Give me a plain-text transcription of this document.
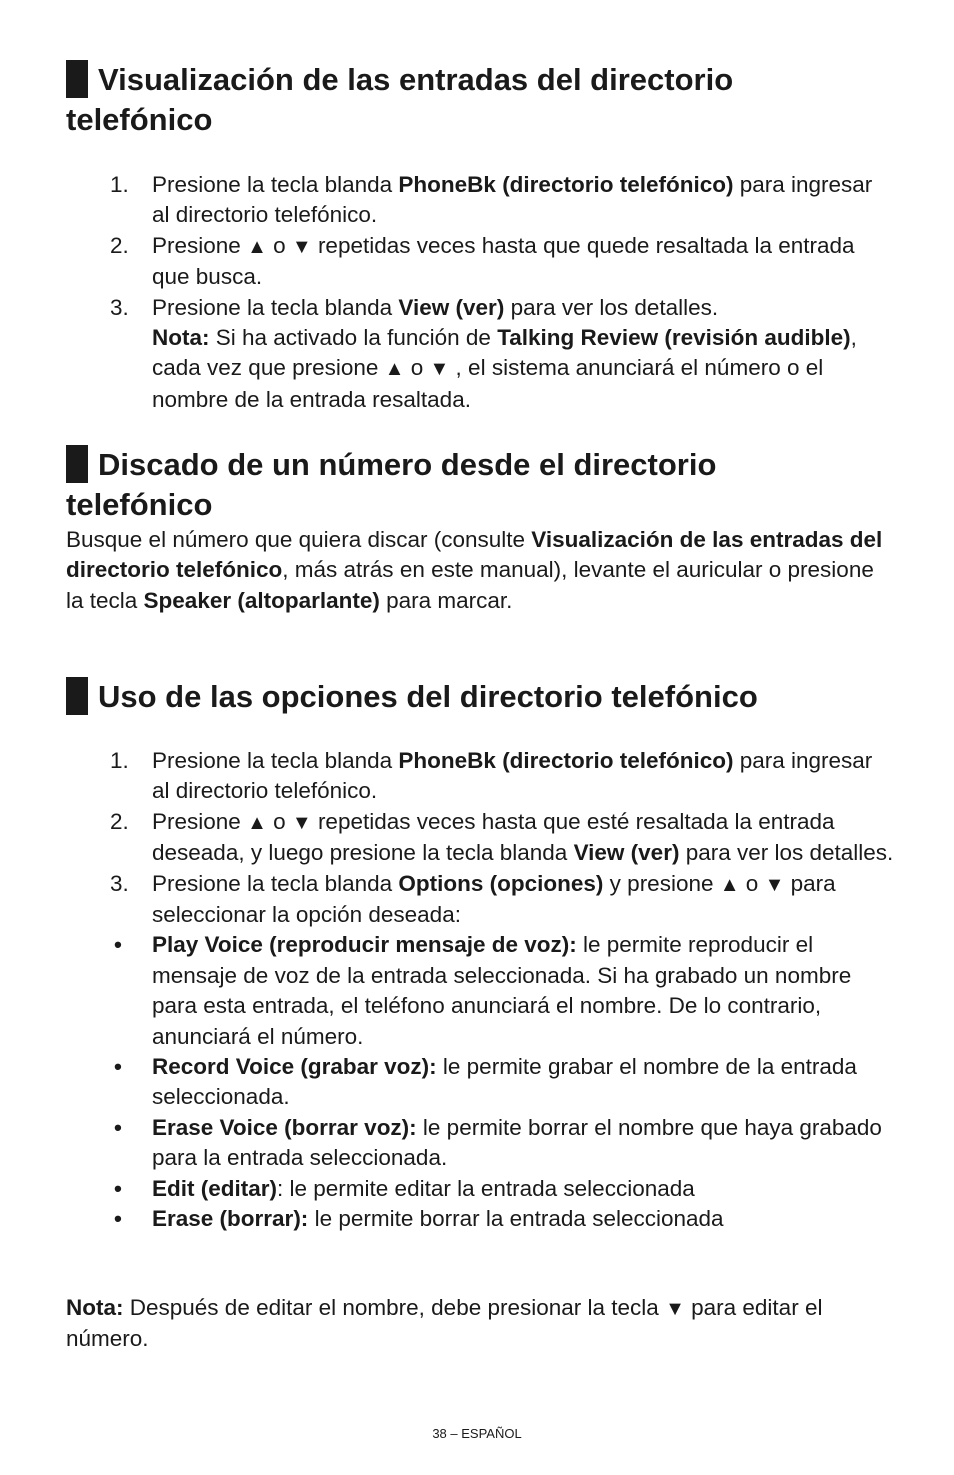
Visualización de las entradas del directorio
telefónico
1. Presione la tecla blanda PhoneBk (directorio telefónico) para ingresar al directorio telefónico.
2. Presione ▲ o ▼ repetidas veces hasta que quede resaltada la entrada que busca.
3. Presione la tecla blanda View (ver) para ver los detalles.
Nota: Si ha activado la función de Talking Review (revisión audible), cada vez que presione ▲ o ▼ , el sistema anunciará el número o el nombre de la entrada resaltada.
Discado de un número desde el directorio
telefónico

Busque el número que quiera discar (consulte Visualización de las entradas del directorio telefónico, más atrás en este manual), levante el auricular o presione la tecla Speaker (altoparlante) para marcar.

Uso de las opciones del directorio telefónico
1. Presione la tecla blanda PhoneBk (directorio telefónico) para ingresar al directorio telefónico.
2. Presione ▲ o ▼ repetidas veces hasta que esté resaltada la entrada deseada, y luego presione la tecla blanda View (ver) para ver los detalles.
3. Presione la tecla blanda Options (opciones) y presione ▲ o ▼ para seleccionar la opción deseada:
• Play Voice (reproducir mensaje de voz): le permite reproducir el mensaje de voz de la entrada seleccionada. Si ha grabado un nombre para esta entrada, el teléfono anunciará el nombre. De lo contrario, anunciará el número.
• Record Voice (grabar voz): le permite grabar el nombre de la entrada seleccionada.
• Erase Voice (borrar voz): le permite borrar el nombre que haya grabado para la entrada seleccionada.
• Edit (editar): le permite editar la entrada seleccionada
• Erase (borrar): le permite borrar la entrada seleccionada

Nota: Después de editar el nombre, debe presionar la tecla ▼ para editar el número.

38 – ESPAÑOL
